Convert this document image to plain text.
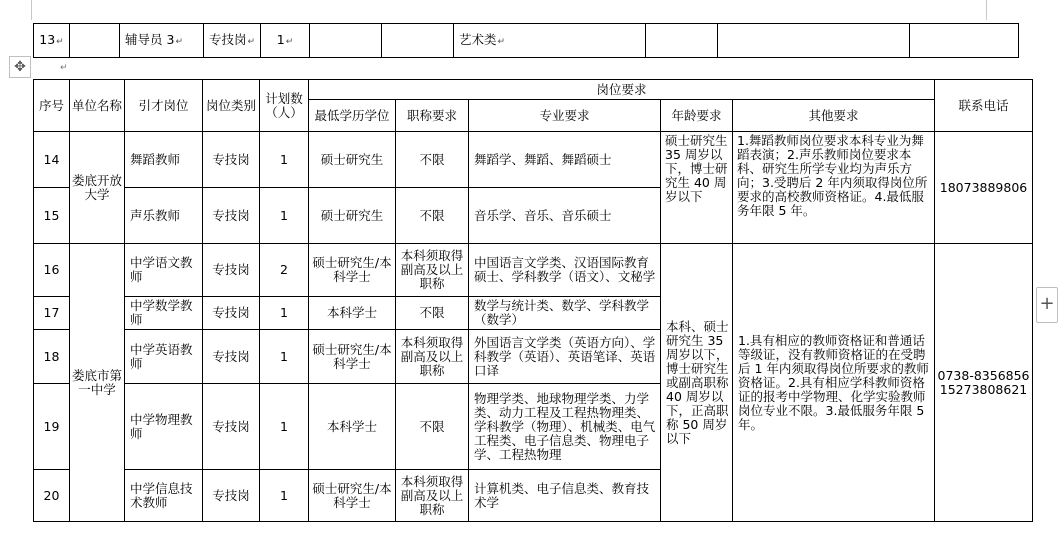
13↵		辅导员 3↵	专技岗↵	1↵			艺术类↵			
✥	↵
序号	单位名称	引才岗位	岗位类别	计划数（人）	岗位要求					联系电话
					最低学历学位	职称要求	专业要求	年龄要求	其他要求	
14	娄底开放大学	舞蹈教师	专技岗	1	硕士研究生	不限	舞蹈学、舞蹈、舞蹈硕士	硕士研究生 35 周岁以下，博士研究生 40 周岁以下	1.舞蹈教师岗位要求本科专业为舞蹈表演；2.声乐教师岗位要求本科、研究生所学专业均为声乐方向；3.受聘后 2 年内须取得岗位所要求的高校教师资格证。4.最低服务年限 5 年。	18073889806
15		声乐教师	专技岗	1	硕士研究生	不限	音乐学、音乐、音乐硕士			
16	娄底市第一中学	中学语文教师	专技岗	2	硕士研究生/本科学士	本科须取得副高及以上职称	中国语言文学类、汉语国际教育硕士、学科教学（语文）、文秘学	本科、硕士研究生 35 周岁以下，博士研究生或副高职称 40 周岁以下，正高职称 50 周岁以下	1.具有相应的教师资格证和普通话等级证，没有教师资格证的在受聘后 1 年内须取得岗位所要求的教师资格证。2.具有相应学科教师资格证的报考中学物理、化学实验教师岗位专业不限。3.最低服务年限 5 年。	0738-8356856
15273808621
17		中学数学教师	专技岗	1	本科学士	不限	数学与统计类、数学、学科教学（数学）			
18		中学英语教师	专技岗	1	硕士研究生/本科学士	本科须取得副高及以上职称	外国语言文学类（英语方向）、学科教学（英语）、英语笔译、英语口译			
19		中学物理教师	专技岗	1	本科学士	不限	物理学类、地球物理学类、力学类、动力工程及工程热物理类、学科教学（物理）、机械类、电气工程类、电子信息类、物理电子学、工程热物理			
20		中学信息技术教师	专技岗	1	硕士研究生/本科学士	本科须取得副高及以上职称	计算机类、电子信息类、教育技术学			
+
